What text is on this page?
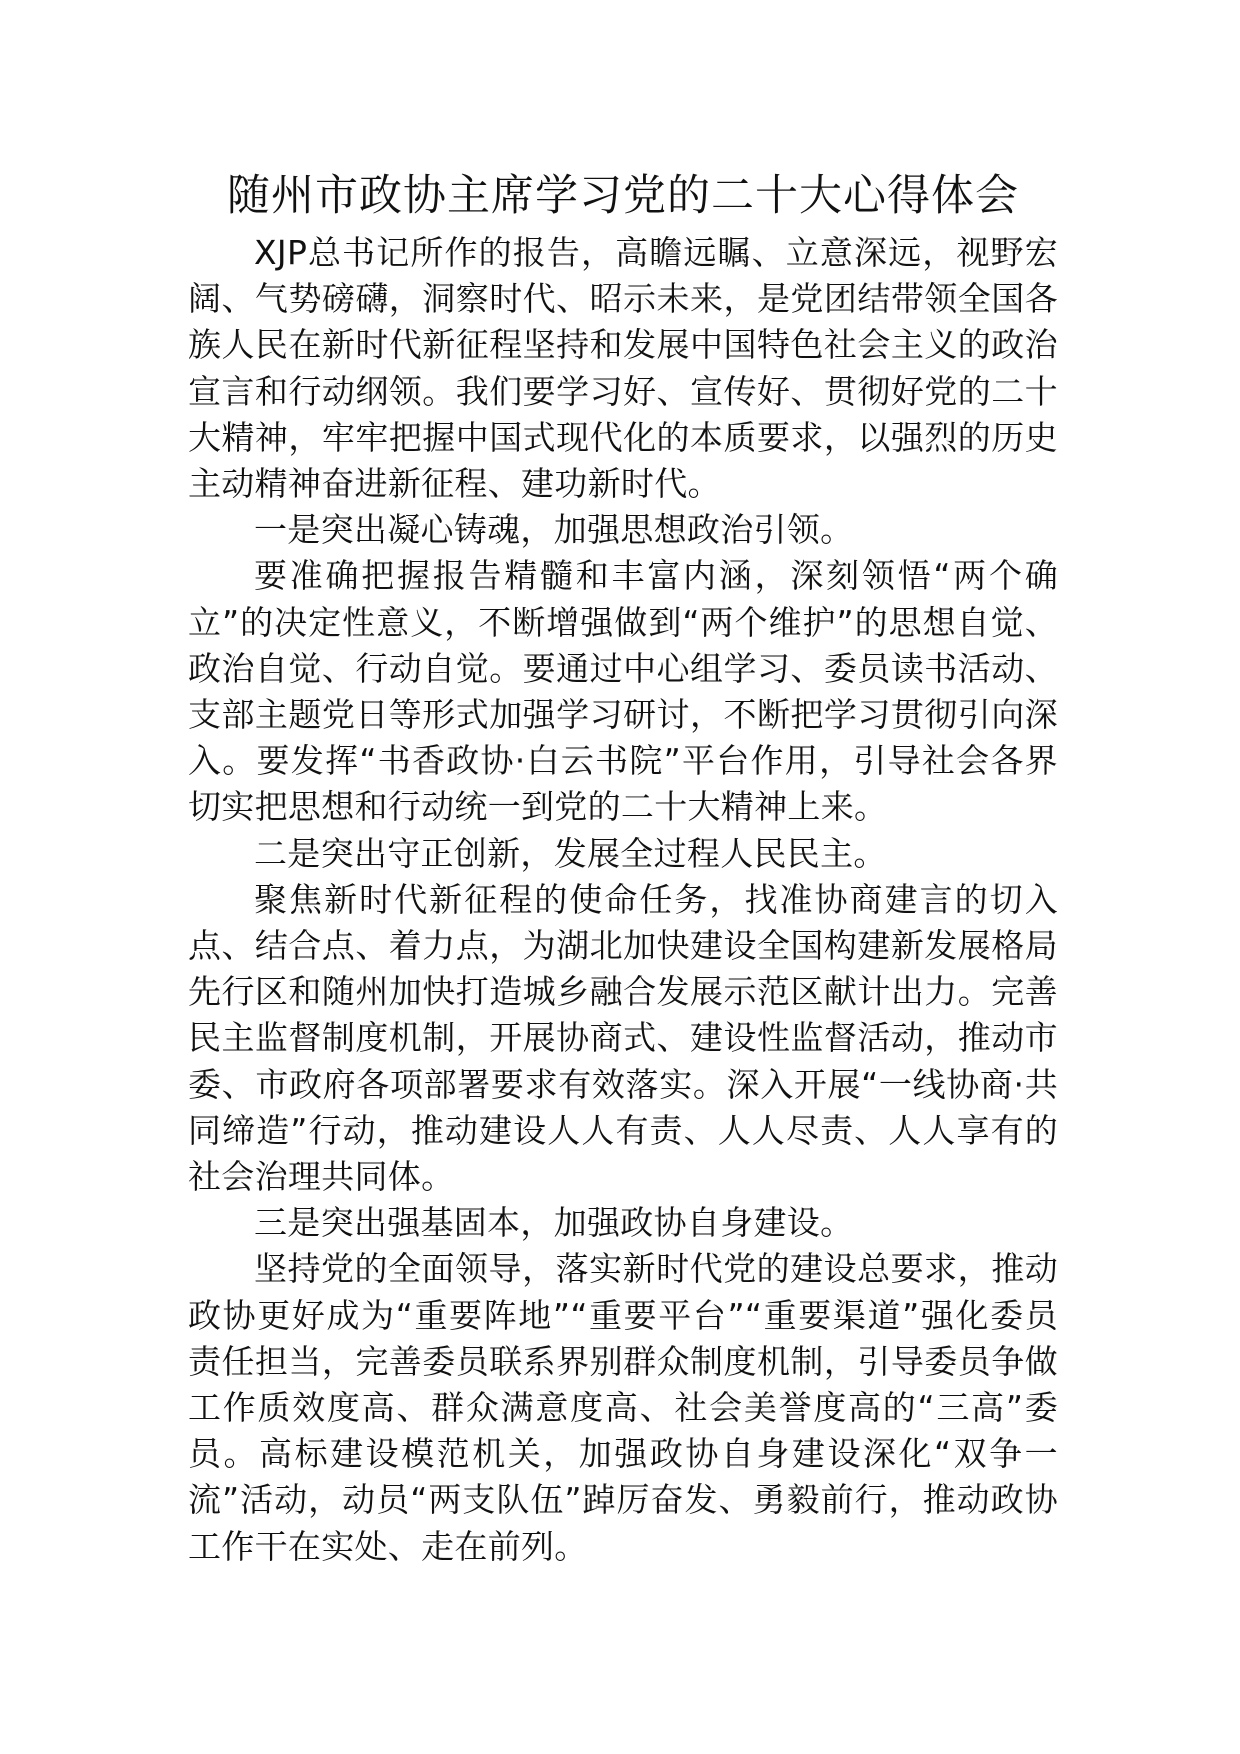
随州市政协主席学习党的二十大心得体会

XJP总书记所作的报告，高瞻远瞩、立意深远，视野宏阔、气势磅礴，洞察时代、昭示未来，是党团结带领全国各族人民在新时代新征程坚持和发展中国特色社会主义的政治宣言和行动纲领。我们要学习好、宣传好、贯彻好党的二十大精神，牢牢把握中国式现代化的本质要求，以强烈的历史主动精神奋进新征程、建功新时代。

一是突出凝心铸魂，加强思想政治引领。

要准确把握报告精髓和丰富内涵，深刻领悟“两个确立”的决定性意义，不断增强做到“两个维护”的思想自觉、政治自觉、行动自觉。要通过中心组学习、委员读书活动、支部主题党日等形式加强学习研讨，不断把学习贯彻引向深入。要发挥“书香政协·白云书院”平台作用，引导社会各界切实把思想和行动统一到党的二十大精神上来。

二是突出守正创新，发展全过程人民民主。

聚焦新时代新征程的使命任务，找准协商建言的切入点、结合点、着力点，为湖北加快建设全国构建新发展格局先行区和随州加快打造城乡融合发展示范区献计出力。完善民主监督制度机制，开展协商式、建设性监督活动，推动市委、市政府各项部署要求有效落实。深入开展“一线协商·共同缔造”行动，推动建设人人有责、人人尽责、人人享有的社会治理共同体。

三是突出强基固本，加强政协自身建设。

坚持党的全面领导，落实新时代党的建设总要求，推动政协更好成为“重要阵地”“重要平台”“重要渠道”强化委员责任担当，完善委员联系界别群众制度机制，引导委员争做工作质效度高、群众满意度高、社会美誉度高的“三高”委员。高标建设模范机关，加强政协自身建设深化“双争一流”活动，动员“两支队伍”踔厉奋发、勇毅前行，推动政协工作干在实处、走在前列。
